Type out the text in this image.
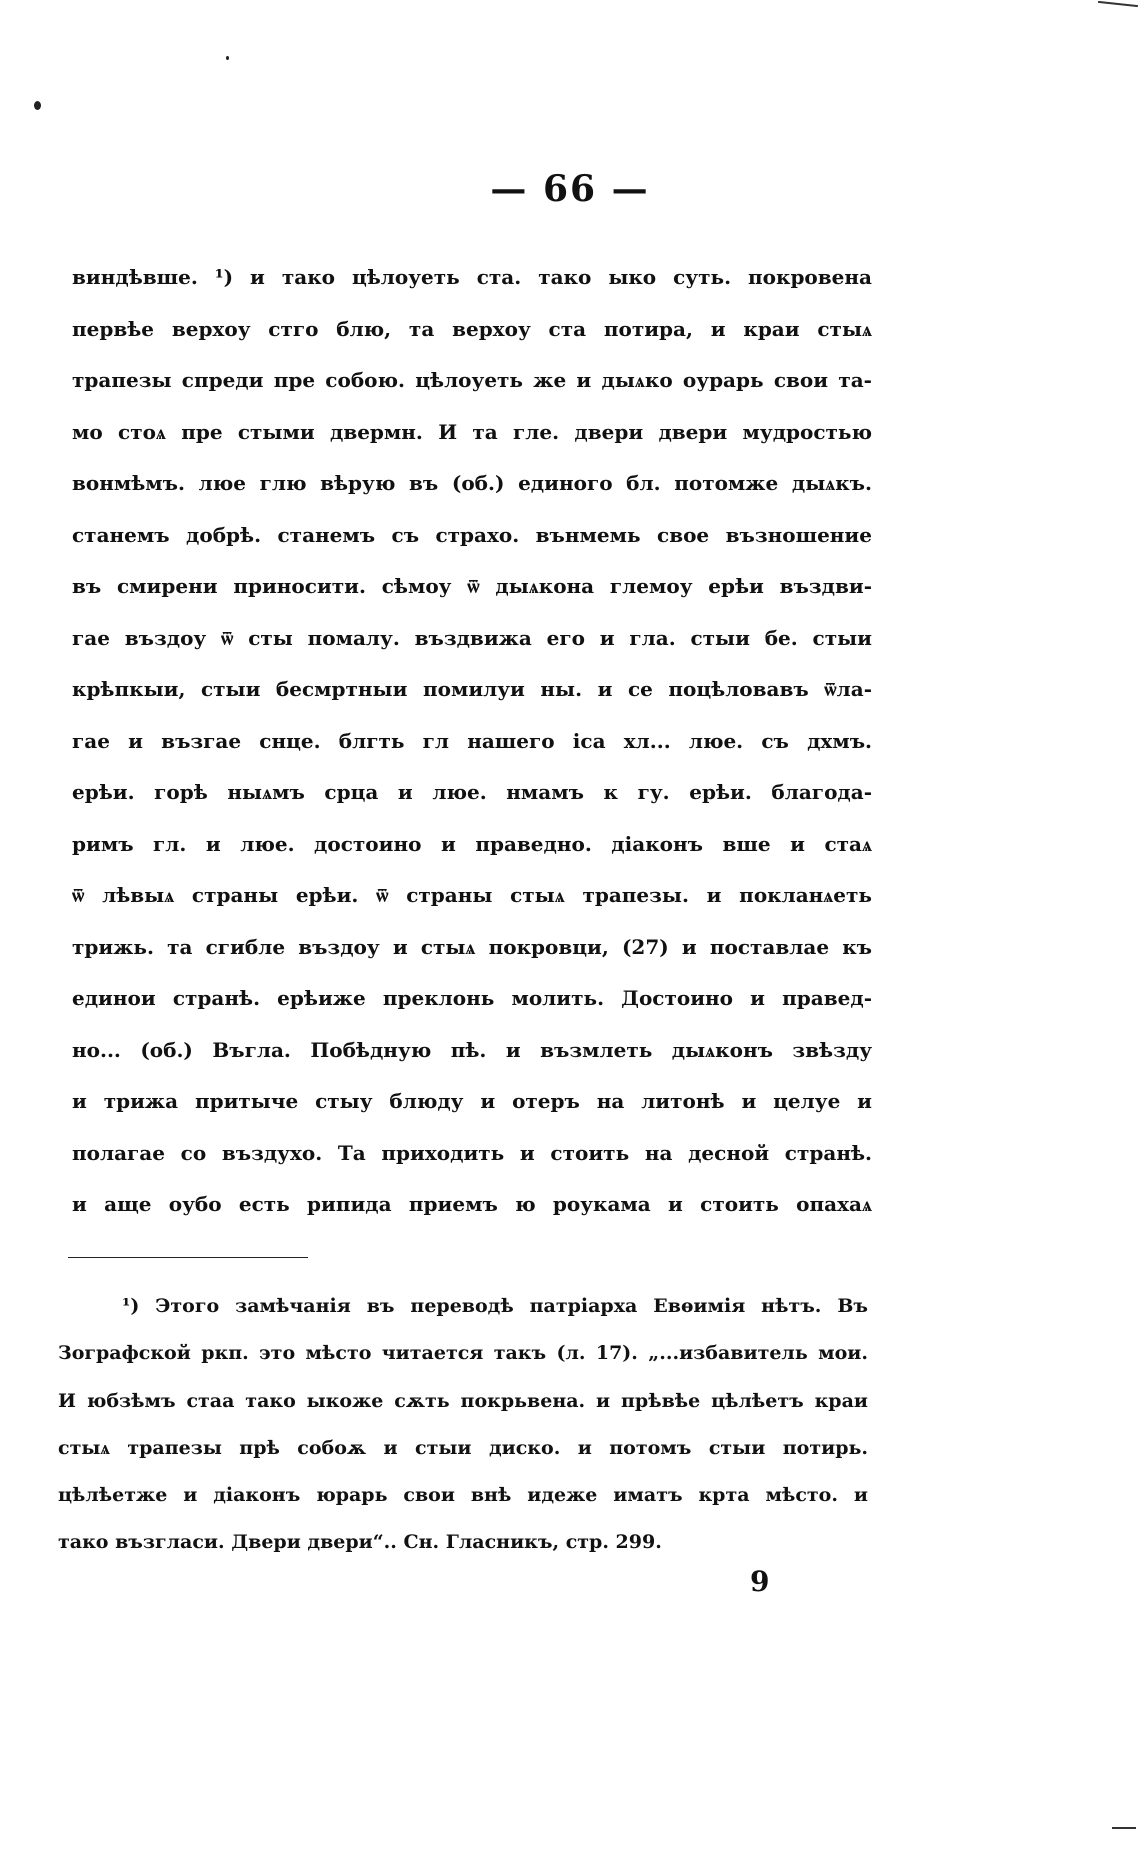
— 66 —
виндѣвше. ¹) и тако цѣлоуеть ста. тако ыко суть. покровена
первѣе верхоу стго блю, та верхоу ста потира, и краи стыѧ
трапезы спреди пре собою. цѣлоуеть же и дыѧко оурарь свои та-
мо стоѧ пре стыми двермн. И та гле. двери двери мудростью
вонмѣмъ. люе глю вѣрую въ (об.) единого бл. потомже дыѧкъ.
станемъ добрѣ. станемъ съ страхо. вънмемь свое възношение
въ смирени приносити. сѣмоу ѿ дыѧкона глемоу ерѣи въздви-
гае въздоу ѿ сты помалу. въздвижа его и гла. стыи бе. стыи
крѣпкыи, стыи бесмртныи помилуи ны. и се поцѣловавъ ѿла-
гае и възгае снце. блгть гл нашего іса хл... люе. съ дхмъ.
ерѣи. горѣ ныѧмъ срца и люе. нмамъ к гу. ерѣи. благода-
римъ гл. и люе. достоино и праведно. діаконъ вше и стаѧ
ѿ лѣвыѧ страны ерѣи. ѿ страны стыѧ трапезы. и покланѧеть
трижь. та сгибле въздоу и стыѧ покровци, (27) и поставлае къ
единои странѣ. ерѣиже преклонь молить. Достоино и правед-
но... (об.) Въгла. Побѣдную пѣ. и възмлеть дыѧконъ звѣзду
и трижа притыче стыу блюду и отеръ на литонѣ и целуе и
полагае со въздухо. Та приходить и стоить на десной странѣ.
и аще оубо есть рипида приемъ ю роукама и стоить опахаѧ
¹) Этого замѣчанія въ переводѣ патріарха Евѳимія нѣтъ. Въ
Зографской ркп. это мѣсто читается такъ (л. 17). „...избавитель мои.
И юбзѣмъ стаа тако ыкоже сѫть покрьвена. и прѣвѣе цѣлѣетъ краи
стыѧ трапезы прѣ собоѫ и стыи диско. и потомъ стыи потирь.
цѣлѣетже и діаконъ юрарь свои внѣ идеже иматъ крта мѣсто. и
тако възгласи. Двери двери“.. Сн. Гласникъ, стр. 299.
9
